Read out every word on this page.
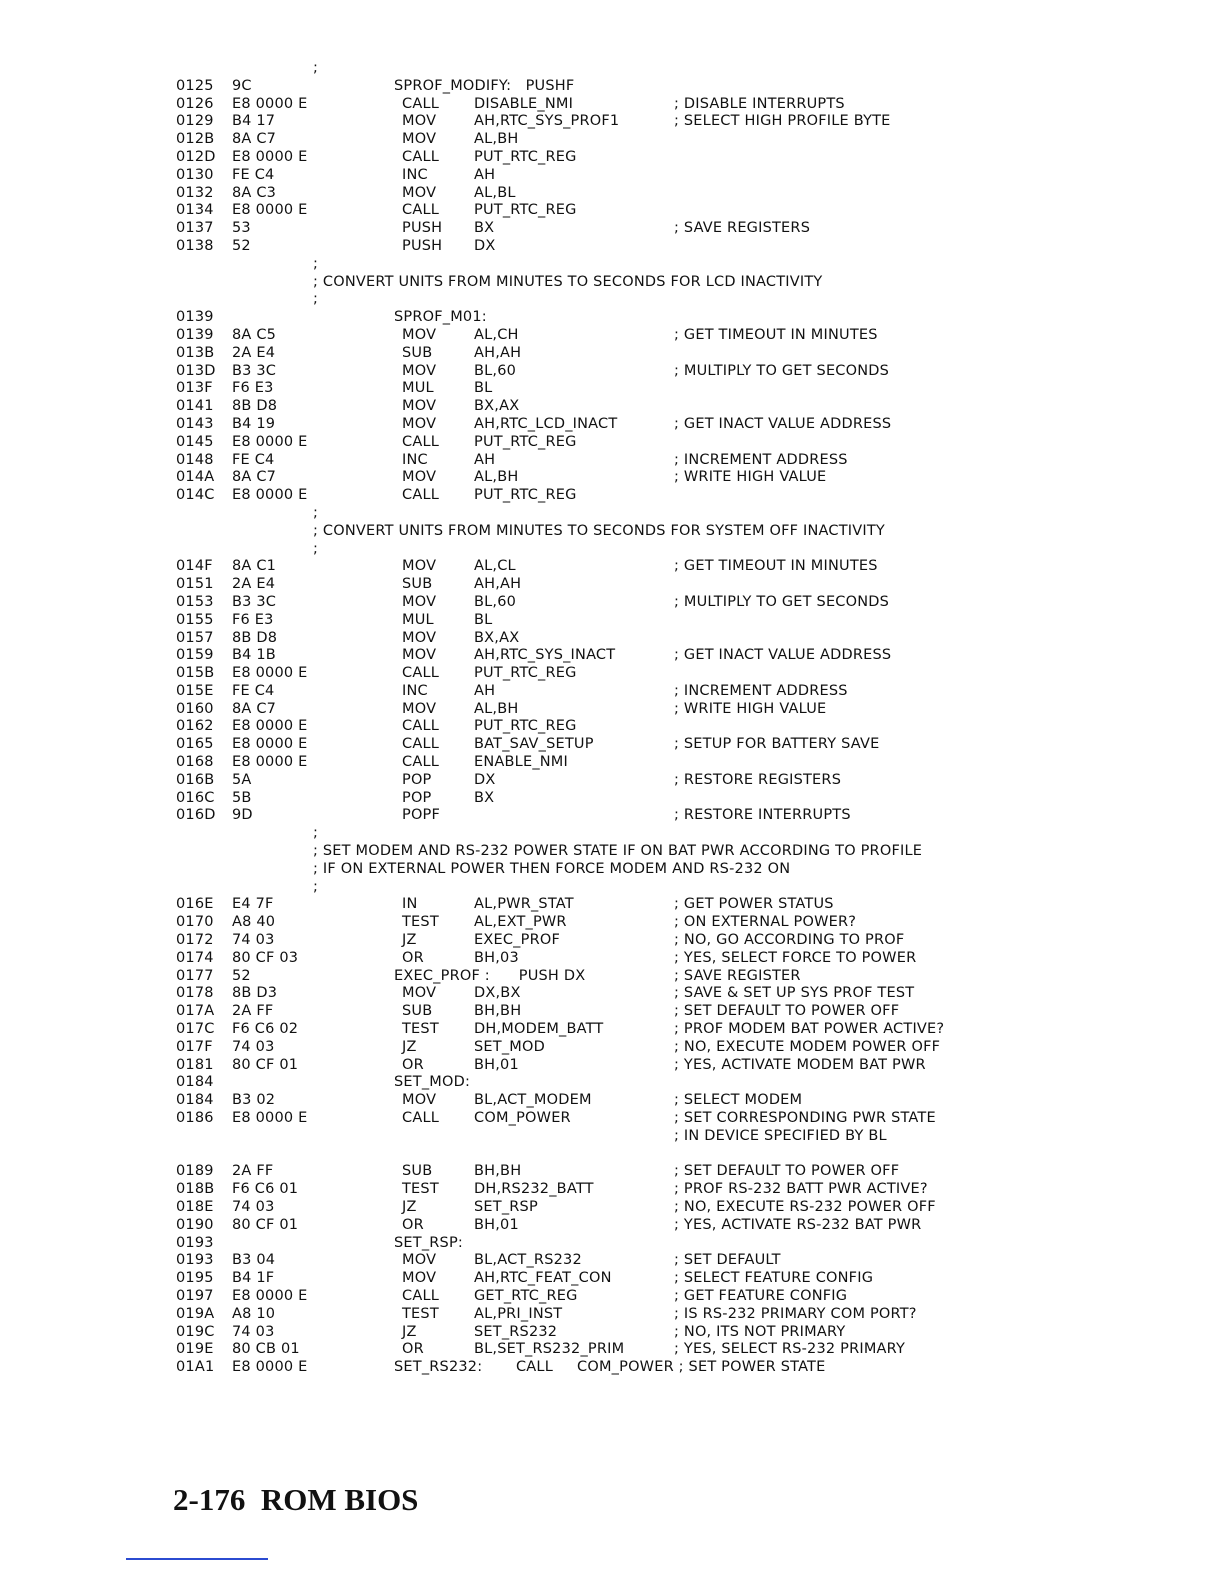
;
0125 9C	SPROF_MODIFY:   PUSHF
0126 E8 0000 E	CALL DISABLE_NMI	; DISABLE INTERRUPTS
0129 B4 17	MOV	AH,RTC_SYS_PROF1	; SELECT HIGH PROFILE BYTE
012B 8A C7	MOV	AL,BH
012D E8 0000 E	CALL PUT_RTC_REG
0130 FE C4	INC	AH
0132 8A C3	MOV	AL,BL
0134 E8 0000 E	CALL PUT_RTC_REG
0137 53	PUSH BX	; SAVE REGISTERS
0138 52	PUSH DX
;
; CONVERT UNITS FROM MINUTES TO SECONDS FOR LCD INACTIVITY
;
0139	SPROF_M01:
0139 8A C5	MOV	AL,CH	; GET TIMEOUT IN MINUTES
013B 2A E4	SUB	AH,AH
013D B3 3C	MOV	BL,60	; MULTIPLY TO GET SECONDS
013F F6 E3	MUL	BL
0141 8B D8	MOV	BX,AX
0143 B4 19	MOV	AH,RTC_LCD_INACT	; GET INACT VALUE ADDRESS
0145 E8 0000 E	CALL PUT_RTC_REG
0148 FE C4	INC	AH	; INCREMENT ADDRESS
014A 8A C7	MOV	AL,BH	; WRITE HIGH VALUE
014C E8 0000 E	CALL PUT_RTC_REG
;
; CONVERT UNITS FROM MINUTES TO SECONDS FOR SYSTEM OFF INACTIVITY
;
014F 8A C1	MOV	AL,CL	; GET TIMEOUT IN MINUTES
0151 2A E4	SUB	AH,AH
0153 B3 3C	MOV	BL,60	; MULTIPLY TO GET SECONDS
0155 F6 E3	MUL	BL
0157 8B D8	MOV	BX,AX
0159 B4 1B	MOV	AH,RTC_SYS_INACT	; GET INACT VALUE ADDRESS
015B E8 0000 E	CALL PUT_RTC_REG
015E FE C4	INC	AH	; INCREMENT ADDRESS
0160 8A C7	MOV	AL,BH	; WRITE HIGH VALUE
0162 E8 0000 E	CALL PUT_RTC_REG
0165 E8 0000 E	CALL BAT_SAV_SETUP	; SETUP FOR BATTERY SAVE
0168 E8 0000 E	CALL ENABLE_NMI
016B 5A	POP	DX	; RESTORE REGISTERS
016C 5B	POP	BX
016D 9D	POPF	; RESTORE INTERRUPTS
;
; SET MODEM AND RS-232 POWER STATE IF ON BAT PWR ACCORDING TO PROFILE
; IF ON EXTERNAL POWER THEN FORCE MODEM AND RS-232 ON
;
016E E4 7F	IN	AL,PWR_STAT	; GET POWER STATUS
0170 A8 40	TEST AL,EXT_PWR	; ON EXTERNAL POWER?
0172 74 03	JZ	EXEC_PROF	; NO, GO ACCORDING TO PROF
0174 80 CF 03	OR	BH,03	; YES, SELECT FORCE TO POWER
0177 52	EXEC_PROF :      PUSH DX	; SAVE REGISTER
0178 8B D3	MOV	DX,BX	; SAVE & SET UP SYS PROF TEST
017A 2A FF	SUB	BH,BH	; SET DEFAULT TO POWER OFF
017C F6 C6 02	TEST DH,MODEM_BATT	; PROF MODEM BAT POWER ACTIVE?
017F 74 03	JZ	SET_MOD	; NO, EXECUTE MODEM POWER OFF
0181 80 CF 01	OR	BH,01	; YES, ACTIVATE MODEM BAT PWR
0184	SET_MOD:
0184 B3 02	MOV	BL,ACT_MODEM	; SELECT MODEM
0186 E8 0000 E	CALL COM_POWER	; SET CORRESPONDING PWR STATE
; IN DEVICE SPECIFIED BY BL
0189 2A FF	SUB	BH,BH	; SET DEFAULT TO POWER OFF
018B F6 C6 01	TEST DH,RS232_BATT	; PROF RS-232 BATT PWR ACTIVE?
018E 74 03	JZ	SET_RSP	; NO, EXECUTE RS-232 POWER OFF
0190 80 CF 01	OR	BH,01	; YES, ACTIVATE RS-232 BAT PWR
0193	SET_RSP:
0193 B3 04	MOV	BL,ACT_RS232	; SET DEFAULT
0195 B4 1F	MOV	AH,RTC_FEAT_CON	; SELECT FEATURE CONFIG
0197 E8 0000 E	CALL GET_RTC_REG	; GET FEATURE CONFIG
019A A8 10	TEST AL,PRI_INST	; IS RS-232 PRIMARY COM PORT?
019C 74 03	JZ	SET_RS232	; NO, ITS NOT PRIMARY
019E 80 CB 01	OR	BL,SET_RS232_PRIM	; YES, SELECT RS-232 PRIMARY
01A1 E8 0000 E	SET_RS232:       CALL     COM_POWER ; SET POWER STATE
2-176  ROM BIOS
